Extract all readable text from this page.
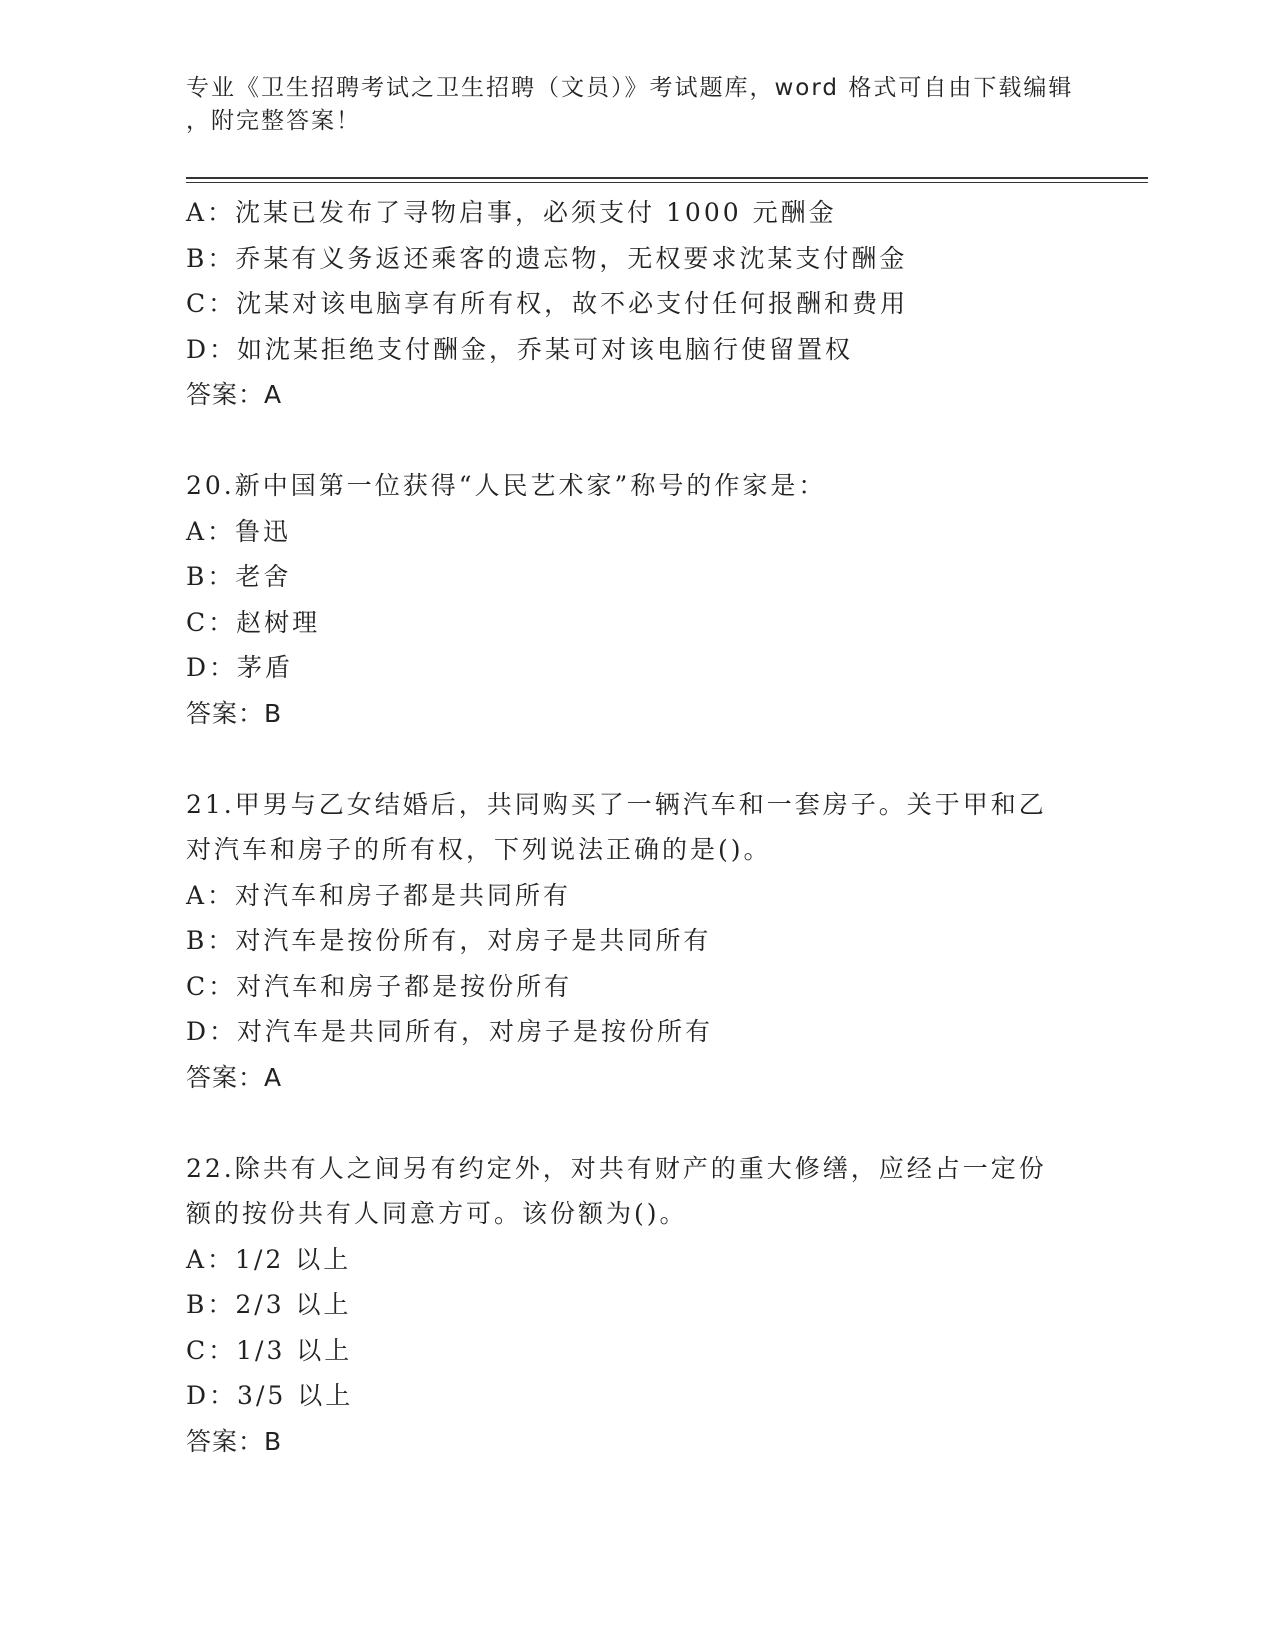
专业《卫生招聘考试之卫生招聘（文员）》考试题库，word 格式可自由下载编辑
，附完整答案！
A：沈某已发布了寻物启事，必须支付 1000 元酬金
B：乔某有义务返还乘客的遗忘物，无权要求沈某支付酬金
C：沈某对该电脑享有所有权，故不必支付任何报酬和费用
D：如沈某拒绝支付酬金，乔某可对该电脑行使留置权
答案：A
20.新中国第一位获得“人民艺术家”称号的作家是：
A：鲁迅
B：老舍
C：赵树理
D：茅盾
答案：B
21.甲男与乙女结婚后，共同购买了一辆汽车和一套房子。关于甲和乙
对汽车和房子的所有权，下列说法正确的是()。
A：对汽车和房子都是共同所有
B：对汽车是按份所有，对房子是共同所有
C：对汽车和房子都是按份所有
D：对汽车是共同所有，对房子是按份所有
答案：A
22.除共有人之间另有约定外，对共有财产的重大修缮，应经占一定份
额的按份共有人同意方可。该份额为()。
A：1/2 以上
B：2/3 以上
C：1/3 以上
D：3/5 以上
答案：B
